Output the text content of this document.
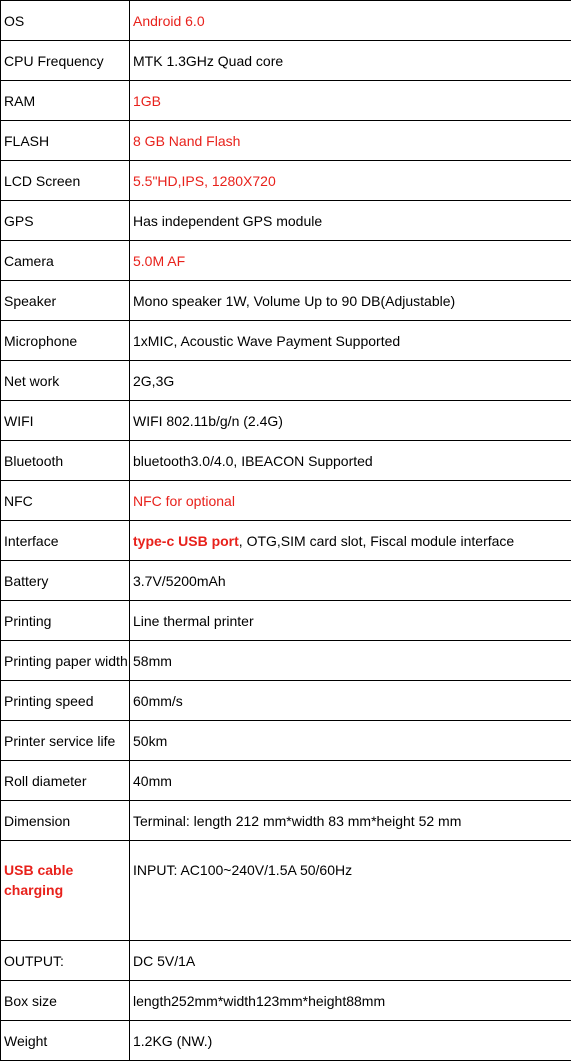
OS	Android 6.0
CPU Frequency	MTK 1.3GHz Quad core
RAM	1GB
FLASH	8 GB Nand Flash
LCD Screen	5.5"HD,IPS, 1280X720
GPS	Has independent GPS module
Camera	5.0M AF
Speaker	Mono speaker 1W, Volume Up to 90 DB(Adjustable)
Microphone	1xMIC, Acoustic Wave Payment Supported
Net work	2G,3G
WIFI	WIFI 802.11b/g/n (2.4G)
Bluetooth	bluetooth3.0/4.0, IBEACON Supported
NFC	NFC for optional
Interface	type-c USB port, OTG,SIM card slot, Fiscal module interface
Battery	3.7V/5200mAh
Printing	Line thermal printer
Printing paper width	58mm
Printing speed	60mm/s
Printer service life	50km
Roll diameter	40mm
Dimension	Terminal: length 212 mm*width 83 mm*height 52 mm
USB cable charging	INPUT: AC100~240V/1.5A 50/60Hz
OUTPUT:	DC 5V/1A
Box size	length252mm*width123mm*height88mm
Weight	1.2KG (NW.)
